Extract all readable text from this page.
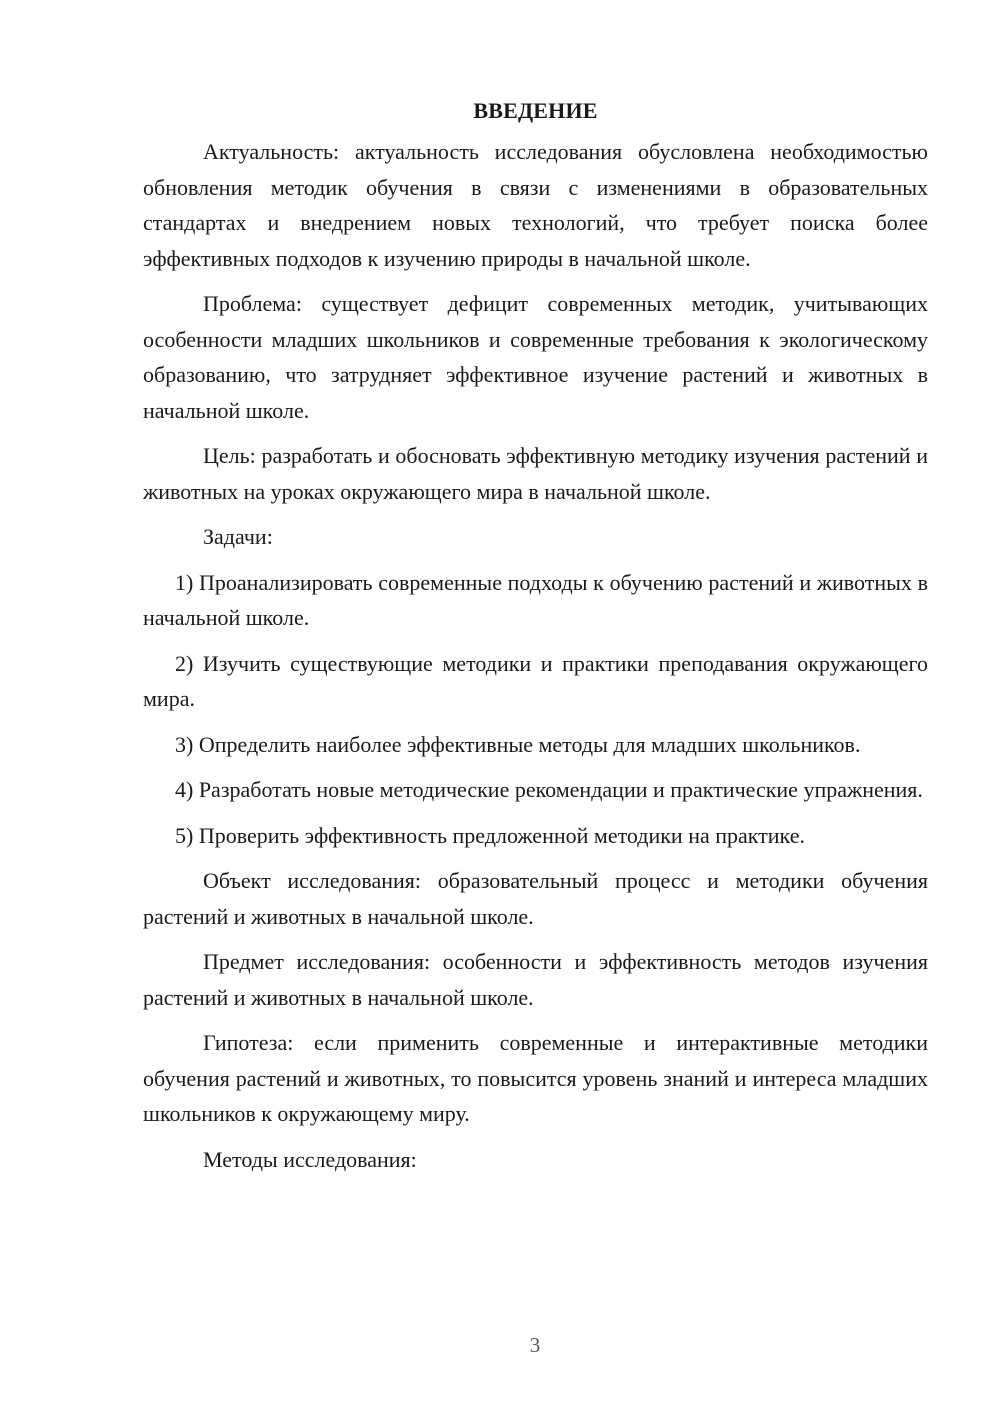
ВВЕДЕНИЕ

Актуальность: актуальность исследования обусловлена необходимостью обновления методик обучения в связи с изменениями в образовательных стандартах и внедрением новых технологий, что требует поиска более эффективных подходов к изучению природы в начальной школе.

Проблема: существует дефицит современных методик, учитывающих особенности младших школьников и современные требования к экологическому образованию, что затрудняет эффективное изучение растений и животных в начальной школе.

Цель: разработать и обосновать эффективную методику изучения растений и животных на уроках окружающего мира в начальной школе.

Задачи:

1) Проанализировать современные подходы к обучению растений и животных в начальной школе.

2) Изучить существующие методики и практики преподавания окружающего мира.

3) Определить наиболее эффективные методы для младших школьников.

4) Разработать новые методические рекомендации и практические упражнения.

5) Проверить эффективность предложенной методики на практике.

Объект исследования: образовательный процесс и методики обучения растений и животных в начальной школе.

Предмет исследования: особенности и эффективность методов изучения растений и животных в начальной школе.

Гипотеза: если применить современные и интерактивные методики обучения растений и животных, то повысится уровень знаний и интереса младших школьников к окружающему миру.

Методы исследования:

3
